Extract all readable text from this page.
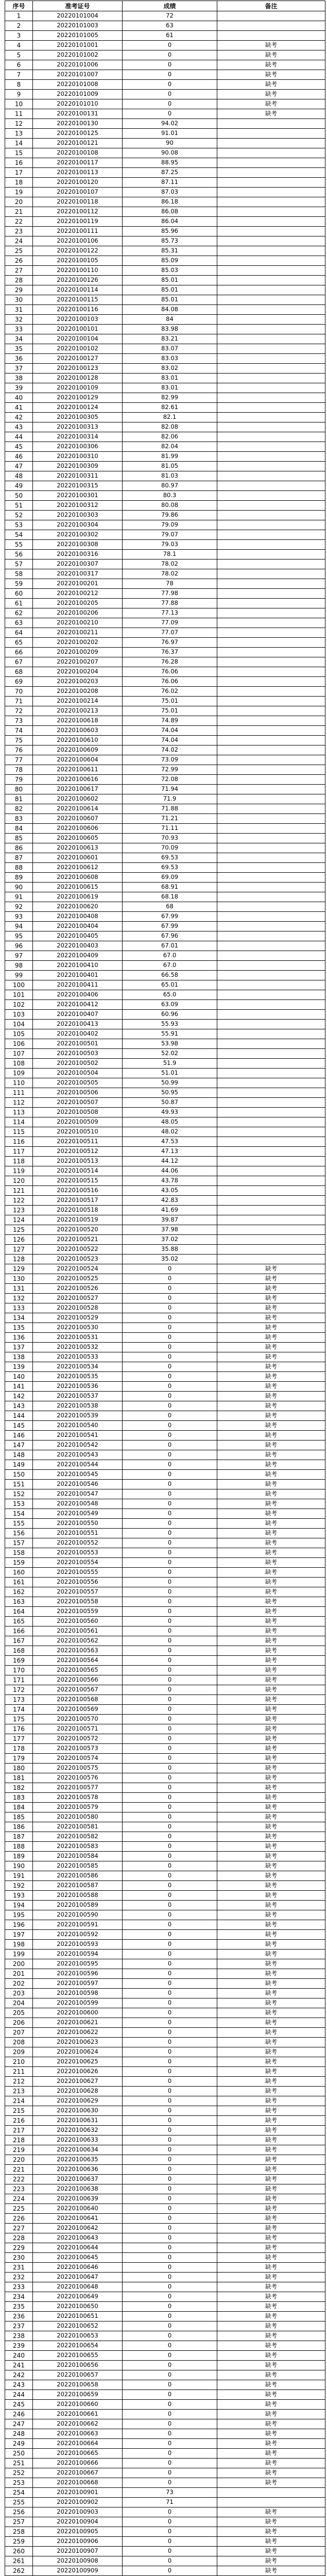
序号	准考证号	成绩	备注
1	20220101004	72	
2	20220101003	63	
3	20220101005	61	
4	20220101001	0	缺考
5	20220101002	0	缺考
6	20220101006	0	缺考
7	20220101007	0	缺考
8	20220101008	0	缺考
9	20220101009	0	缺考
10	20220101010	0	缺考
11	20220100131	0	缺考
12	20220100130	94.02	
13	20220100125	91.01	
14	20220100121	90	
15	20220100108	90.08	
16	20220100117	88.95	
17	20220100113	87.25	
18	20220100120	87.11	
19	20220100107	87.03	
20	20220100118	86.18	
21	20220100112	86.08	
22	20220100119	86.04	
23	20220100111	85.96	
24	20220100106	85.73	
25	20220100122	85.31	
26	20220100105	85.09	
27	20220100110	85.03	
28	20220100126	85.01	
29	20220100114	85.01	
30	20220100115	85.01	
31	20220100116	84.08	
32	20220100103	84	
33	20220100101	83.98	
34	20220100104	83.21	
35	20220100102	83.07	
36	20220100127	83.03	
37	20220100123	83.02	
38	20220100128	83.01	
39	20220100109	83.01	
40	20220100129	82.99	
41	20220100124	82.61	
42	20220100305	82.1	
43	20220100313	82.08	
44	20220100314	82.06	
45	20220100306	82.04	
46	20220100310	81.99	
47	20220100309	81.05	
48	20220100311	81.03	
49	20220100315	80.97	
50	20220100301	80.3	
51	20220100312	80.08	
52	20220100303	79.86	
53	20220100304	79.09	
54	20220100302	79.07	
55	20220100308	79.03	
56	20220100316	78.1	
57	20220100307	78.02	
58	20220100317	78.02	
59	20220100201	78	
60	20220100212	77.98	
61	20220100205	77.88	
62	20220100206	77.13	
63	20220100210	77.09	
64	20220100211	77.07	
65	20220100202	76.97	
66	20220100209	76.37	
67	20220100207	76.28	
68	20220100204	76.06	
69	20220100203	76.06	
70	20220100208	76.02	
71	20220100214	75.01	
72	20220100213	75.01	
73	20220100618	74.89	
74	20220100603	74.04	
75	20220100610	74.04	
76	20220100609	74.02	
77	20220100604	73.09	
78	20220100611	72.99	
79	20220100616	72.08	
80	20220100617	71.94	
81	20220100602	71.9	
82	20220100614	71.88	
83	20220100607	71.21	
84	20220100606	71.11	
85	20220100605	70.93	
86	20220100613	70.09	
87	20220100601	69.53	
88	20220100612	69.53	
89	20220100608	69.09	
90	20220100615	68.91	
91	20220100619	68.18	
92	20220100620	68	
93	20220100408	67.99	
94	20220100404	67.99	
95	20220100405	67.96	
96	20220100403	67.01	
97	20220100409	67.0	
98	20220100410	67.0	
99	20220100401	66.58	
100	20220100411	65.01	
101	20220100406	65.0	
102	20220100412	63.09	
103	20220100407	60.96	
104	20220100413	55.93	
105	20220100402	55.91	
106	20220100501	53.98	
107	20220100503	52.02	
108	20220100502	51.9	
109	20220100504	51.01	
110	20220100505	50.99	
111	20220100506	50.95	
112	20220100507	50.87	
113	20220100508	49.93	
114	20220100509	48.05	
115	20220100510	48.02	
116	20220100511	47.53	
117	20220100512	47.13	
118	20220100513	44.12	
119	20220100514	44.06	
120	20220100515	43.78	
121	20220100516	43.05	
122	20220100517	42.83	
123	20220100518	41.69	
124	20220100519	39.87	
125	20220100520	37.98	
126	20220100521	37.02	
127	20220100522	35.88	
128	20220100523	35.02	
129	20220100524	0	缺考
130	20220100525	0	缺考
131	20220100526	0	缺考
132	20220100527	0	缺考
133	20220100528	0	缺考
134	20220100529	0	缺考
135	20220100530	0	缺考
136	20220100531	0	缺考
137	20220100532	0	缺考
138	20220100533	0	缺考
139	20220100534	0	缺考
140	20220100535	0	缺考
141	20220100536	0	缺考
142	20220100537	0	缺考
143	20220100538	0	缺考
144	20220100539	0	缺考
145	20220100540	0	缺考
146	20220100541	0	缺考
147	20220100542	0	缺考
148	20220100543	0	缺考
149	20220100544	0	缺考
150	20220100545	0	缺考
151	20220100546	0	缺考
152	20220100547	0	缺考
153	20220100548	0	缺考
154	20220100549	0	缺考
155	20220100550	0	缺考
156	20220100551	0	缺考
157	20220100552	0	缺考
158	20220100553	0	缺考
159	20220100554	0	缺考
160	20220100555	0	缺考
161	20220100556	0	缺考
162	20220100557	0	缺考
163	20220100558	0	缺考
164	20220100559	0	缺考
165	20220100560	0	缺考
166	20220100561	0	缺考
167	20220100562	0	缺考
168	20220100563	0	缺考
169	20220100564	0	缺考
170	20220100565	0	缺考
171	20220100566	0	缺考
172	20220100567	0	缺考
173	20220100568	0	缺考
174	20220100569	0	缺考
175	20220100570	0	缺考
176	20220100571	0	缺考
177	20220100572	0	缺考
178	20220100573	0	缺考
179	20220100574	0	缺考
180	20220100575	0	缺考
181	20220100576	0	缺考
182	20220100577	0	缺考
183	20220100578	0	缺考
184	20220100579	0	缺考
185	20220100580	0	缺考
186	20220100581	0	缺考
187	20220100582	0	缺考
188	20220100583	0	缺考
189	20220100584	0	缺考
190	20220100585	0	缺考
191	20220100586	0	缺考
192	20220100587	0	缺考
193	20220100588	0	缺考
194	20220100589	0	缺考
195	20220100590	0	缺考
196	20220100591	0	缺考
197	20220100592	0	缺考
198	20220100593	0	缺考
199	20220100594	0	缺考
200	20220100595	0	缺考
201	20220100596	0	缺考
202	20220100597	0	缺考
203	20220100598	0	缺考
204	20220100599	0	缺考
205	20220100600	0	缺考
206	20220100621	0	缺考
207	20220100622	0	缺考
208	20220100623	0	缺考
209	20220100624	0	缺考
210	20220100625	0	缺考
211	20220100626	0	缺考
212	20220100627	0	缺考
213	20220100628	0	缺考
214	20220100629	0	缺考
215	20220100630	0	缺考
216	20220100631	0	缺考
217	20220100632	0	缺考
218	20220100633	0	缺考
219	20220100634	0	缺考
220	20220100635	0	缺考
221	20220100636	0	缺考
222	20220100637	0	缺考
223	20220100638	0	缺考
224	20220100639	0	缺考
225	20220100640	0	缺考
226	20220100641	0	缺考
227	20220100642	0	缺考
228	20220100643	0	缺考
229	20220100644	0	缺考
230	20220100645	0	缺考
231	20220100646	0	缺考
232	20220100647	0	缺考
233	20220100648	0	缺考
234	20220100649	0	缺考
235	20220100650	0	缺考
236	20220100651	0	缺考
237	20220100652	0	缺考
238	20220100653	0	缺考
239	20220100654	0	缺考
240	20220100655	0	缺考
241	20220100656	0	缺考
242	20220100657	0	缺考
243	20220100658	0	缺考
244	20220100659	0	缺考
245	20220100660	0	缺考
246	20220100661	0	缺考
247	20220100662	0	缺考
248	20220100663	0	缺考
249	20220100664	0	缺考
250	20220100665	0	缺考
251	20220100666	0	缺考
252	20220100667	0	缺考
253	20220100668	0	缺考
254	20220100901	73	
255	20220100902	71	
256	20220100903	0	缺考
257	20220100904	0	缺考
258	20220100905	0	缺考
259	20220100906	0	缺考
260	20220100907	0	缺考
261	20220100908	0	缺考
262	20220100909	0	缺考
